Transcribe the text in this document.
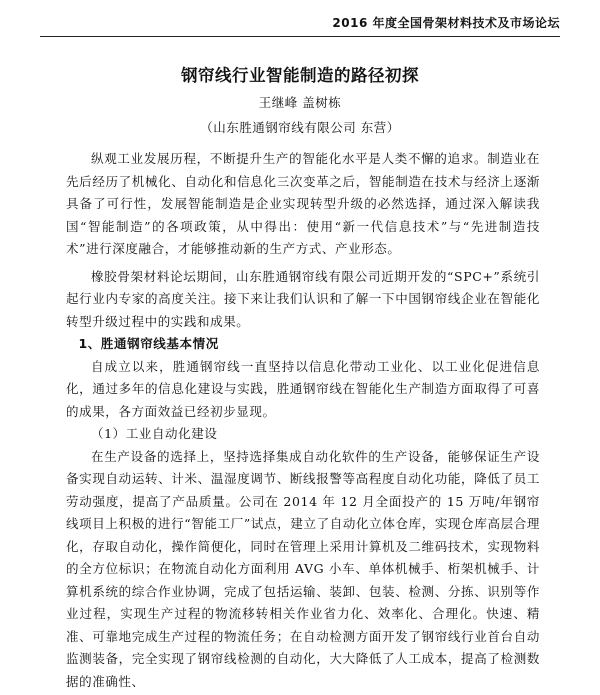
2016 年度全国骨架材料技术及市场论坛
钢帘线行业智能制造的路径初探
王继峰 盖树栋
（山东胜通钢帘线有限公司 东营）

纵观工业发展历程，不断提升生产的智能化水平是人类不懈的追求。制造业在先后经历了机械化、自动化和信息化三次变革之后，智能制造在技术与经济上逐渐具备了可行性，发展智能制造是企业实现转型升级的必然选择，通过深入解读我国“智能制造”的各项政策，从中得出：使用“新一代信息技术”与“先进制造技术”进行深度融合，才能够推动新的生产方式、产业形态。

橡胶骨架材料论坛期间，山东胜通钢帘线有限公司近期开发的“SPC+”系统引起行业内专家的高度关注。接下来让我们认识和了解一下中国钢帘线企业在智能化转型升级过程中的实践和成果。

1、胜通钢帘线基本情况

自成立以来，胜通钢帘线一直坚持以信息化带动工业化、以工业化促进信息化，通过多年的信息化建设与实践，胜通钢帘线在智能化生产制造方面取得了可喜的成果，各方面效益已经初步显现。

（1）工业自动化建设

在生产设备的选择上，坚持选择集成自动化软件的生产设备，能够保证生产设备实现自动运转、计米、温湿度调节、断线报警等高程度自动化功能，降低了员工劳动强度，提高了产品质量。公司在 2014 年 12 月全面投产的 15 万吨/年钢帘线项目上积极的进行“智能工厂”试点，建立了自动化立体仓库，实现仓库高层合理化，存取自动化，操作简便化，同时在管理上采用计算机及二维码技术，实现物料的全方位标识；在物流自动化方面利用 AVG 小车、单体机械手、桁架机械手、计算机系统的综合作业协调，完成了包括运输、装卸、包装、检测、分拣、识别等作业过程，实现生产过程的物流移转相关作业省力化、效率化、合理化。快速、精准、可靠地完成生产过程的物流任务；在自动检测方面开发了钢帘线行业首台自动监测装备，完全实现了钢帘线检测的自动化，大大降低了人工成本，提高了检测数据的准确性、
